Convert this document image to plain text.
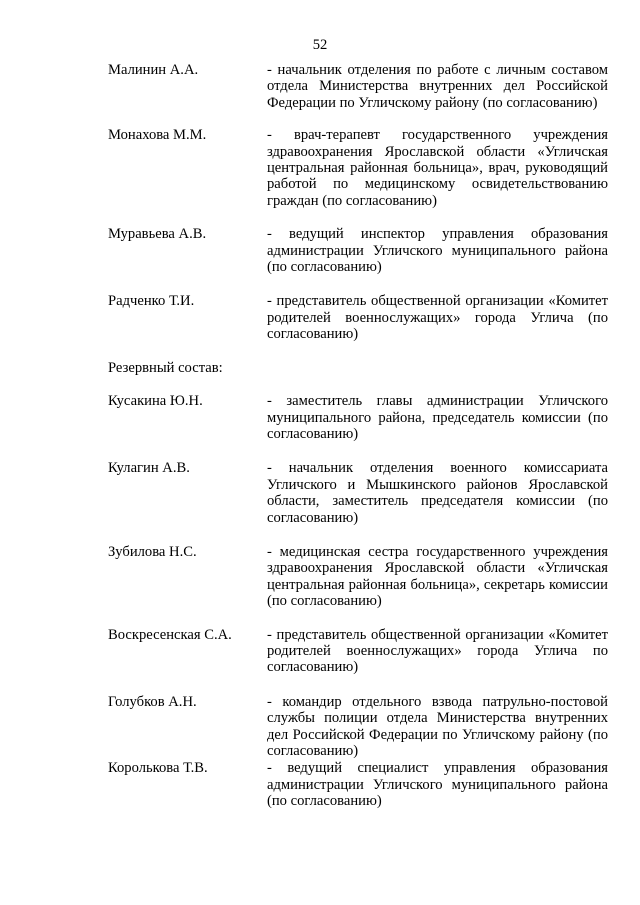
52
Малинин А.А.	- начальник отделения по работе с личным составом отдела Министерства внутренних дел Российской Федерации по Угличскому району (по согласованию)
Монахова М.М.	- врач-терапевт государственного учреждения здравоохранения Ярославской области «Угличская центральная районная больница», врач, руководящий работой по медицинскому освидетельствованию граждан (по согласованию)
Муравьева А.В.	- ведущий инспектор управления образования администрации Угличского муниципального района (по согласованию)
Радченко Т.И.	- представитель общественной организации «Комитет родителей военнослужащих» города Углича (по согласованию)
Резервный состав:
Кусакина Ю.Н.	- заместитель главы администрации Угличского муниципального района, председатель комиссии (по согласованию)
Кулагин А.В.	- начальник отделения военного комиссариата Угличского и Мышкинского районов Ярославской области, заместитель председателя комиссии (по согласованию)
Зубилова Н.С.	- медицинская сестра государственного учреждения здравоохранения Ярославской области «Угличская центральная районная больница», секретарь комиссии (по согласованию)
Воскресенская С.А.	- представитель общественной организации «Комитет родителей военнослужащих» города Углича по согласованию)
Голубков А.Н.	- командир отдельного взвода патрульно-постовой службы полиции отдела Министерства внутренних дел Российской Федерации по Угличскому району (по согласованию)
Королькова Т.В.	- ведущий специалист управления образования администрации Угличского муниципального района (по согласованию)
